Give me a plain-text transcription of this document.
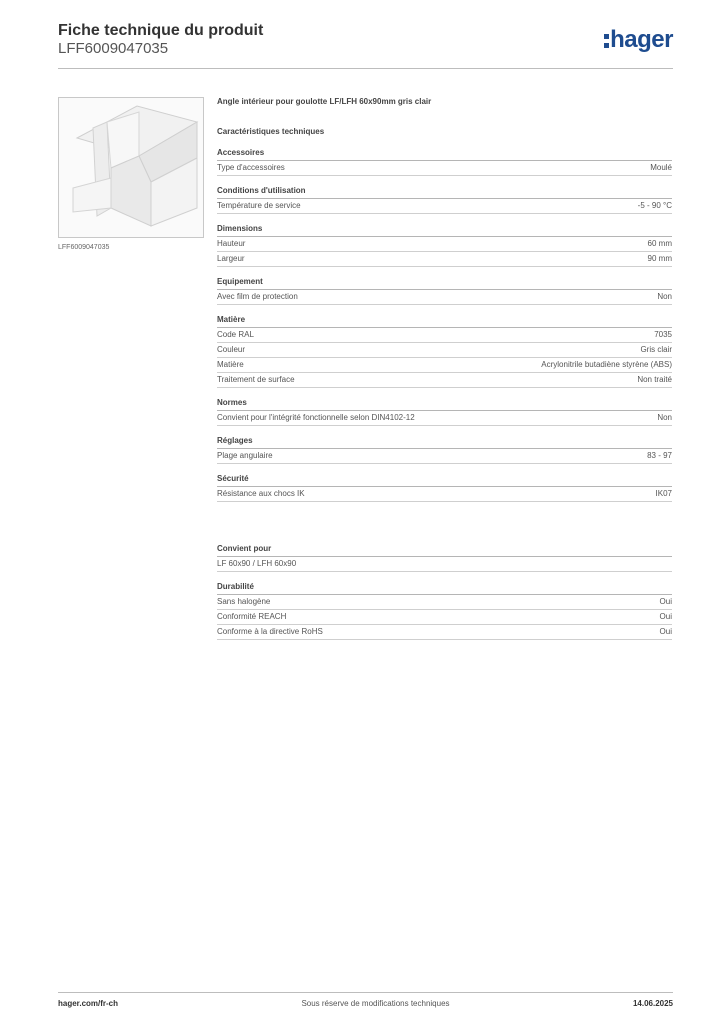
Fiche technique du produit
LFF6009047035	hager
LFF6009047035
Angle intérieur pour goulotte LF/LFH 60x90mm gris clair
Caractéristiques techniques
Accessoires
Type d'accessoires	Moulé
Conditions d'utilisation
Température de service	-5 - 90 °C
Dimensions
Hauteur	60 mm
Largeur	90 mm
Equipement
Avec film de protection	Non
Matière
Code RAL	7035
Couleur	Gris clair
Matière	Acrylonitrile butadiène styrène (ABS)
Traitement de surface	Non traité
Normes
Convient pour l'intégrité fonctionnelle selon DIN4102-12	Non
Réglages
Plage angulaire	83 - 97
Sécurité
Résistance aux chocs IK	IK07
Convient pour
LF 60x90 / LFH 60x90
Durabilité
Sans halogène	Oui
Conformité REACH	Oui
Conforme à la directive RoHS	Oui
hager.com/fr-ch	Sous réserve de modifications techniques	14.06.2025
